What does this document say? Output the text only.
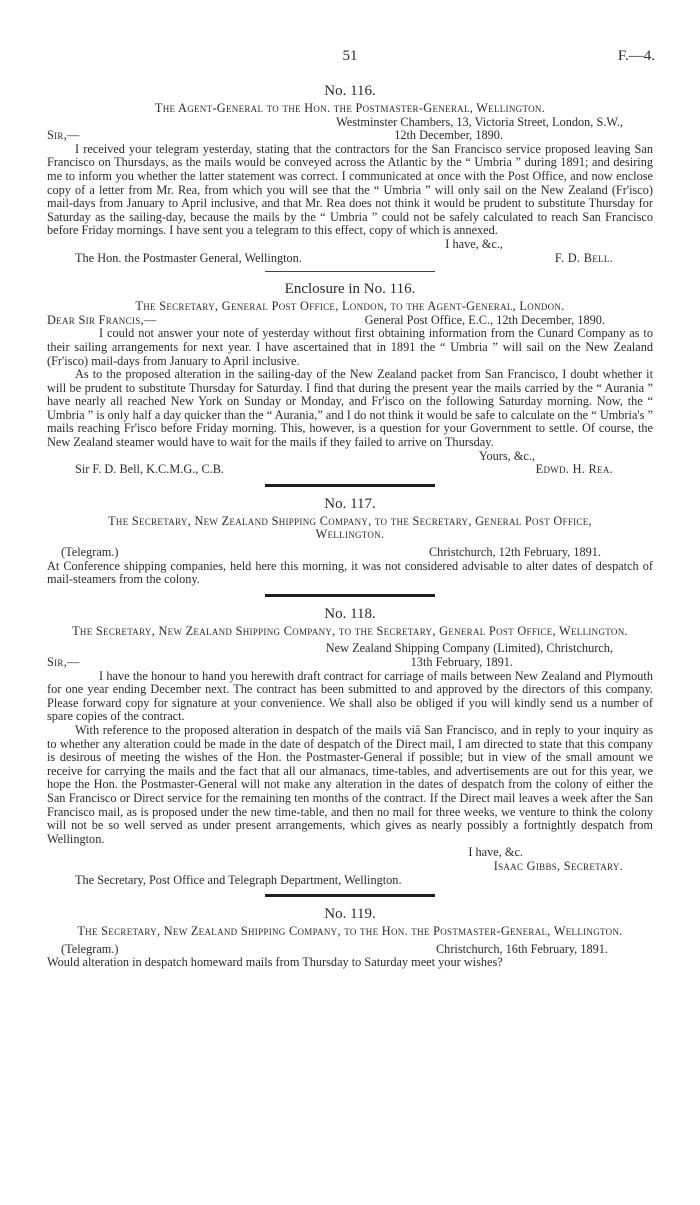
51	F.—4.
No. 116.

The Agent-General to the Hon. the Postmaster-General, Wellington.

Westminster Chambers, 13, Victoria Street, London, S.W.,

Sir,—	12th December, 1890.

I received your telegram yesterday, stating that the contractors for the San Francisco service proposed leaving San Francisco on Thursdays, as the mails would be conveyed across the Atlantic by the “ Umbria ” during 1891; and desiring me to inform you whether the latter statement was correct. I communicated at once with the Post Office, and now enclose copy of a letter from Mr. Rea, from which you will see that the “ Umbria ” will only sail on the New Zealand (Fr'isco) mail-days from January to April inclusive, and that Mr. Rea does not think it would be prudent to substitute Thursday for Saturday as the sailing-day, because the mails by the “ Umbria ” could not be safely calculated to reach San Francisco before Friday mornings. I have sent you a telegram to this effect, copy of which is annexed.

I have, &c.,

The Hon. the Postmaster General, Wellington.	F. D. Bell.
Enclosure in No. 116.

The Secretary, General Post Office, London, to the Agent-General, London.

Dear Sir Francis,—	General Post Office, E.C., 12th December, 1890.

I could not answer your note of yesterday without first obtaining information from the Cunard Company as to their sailing arrangements for next year. I have ascertained that in 1891 the “ Umbria ” will sail on the New Zealand (Fr'isco) mail-days from January to April inclusive.

As to the proposed alteration in the sailing-day of the New Zealand packet from San Francisco, I doubt whether it will be prudent to substitute Thursday for Saturday. I find that during the present year the mails carried by the “ Aurania ” have nearly all reached New York on Sunday or Monday, and Fr'isco on the following Saturday morning. Now, the “ Umbria ” is only half a day quicker than the “ Aurania,” and I do not think it would be safe to calculate on the “ Umbria's ” mails reaching Fr'isco before Friday morning. This, however, is a question for your Government to settle. Of course, the New Zealand steamer would have to wait for the mails if they failed to arrive on Thursday.

Yours, &c.,

Sir F. D. Bell, K.C.M.G., C.B.	Edwd. H. Rea.
No. 117.

The Secretary, New Zealand Shipping Company, to the Secretary, General Post Office, Wellington.

(Telegram.)	Christchurch, 12th February, 1891.

At Conference shipping companies, held here this morning, it was not considered advisable to alter dates of despatch of mail-steamers from the colony.

No. 118.

The Secretary, New Zealand Shipping Company, to the Secretary, General Post Office, Wellington.

New Zealand Shipping Company (Limited), Christchurch,

Sir,—	13th February, 1891.

I have the honour to hand you herewith draft contract for carriage of mails between New Zealand and Plymouth for one year ending December next. The contract has been submitted to and approved by the directors of this company. Please forward copy for signature at your convenience. We shall also be obliged if you will kindly send us a number of spare copies of the contract.

With reference to the proposed alteration in despatch of the mails viâ San Francisco, and in reply to your inquiry as to whether any alteration could be made in the date of despatch of the Direct mail, I am directed to state that this company is desirous of meeting the wishes of the Hon. the Postmaster-General if possible; but in view of the small amount we receive for carrying the mails and the fact that all our almanacs, time-tables, and advertisements are out for this year, we hope the Hon. the Postmaster-General will not make any alteration in the dates of despatch from the colony of either the San Francisco or Direct service for the remaining ten months of the contract. If the Direct mail leaves a week after the San Francisco mail, as is proposed under the new time-table, and then no mail for three weeks, we venture to think the colony will not be so well served as under present arrangements, which gives as nearly possibly a fortnightly despatch from Wellington.

I have, &c.

Isaac Gibbs, Secretary.

The Secretary, Post Office and Telegraph Department, Wellington.

No. 119.

The Secretary, New Zealand Shipping Company, to the Hon. the Postmaster-General, Wellington.

(Telegram.)	Christchurch, 16th February, 1891.

Would alteration in despatch homeward mails from Thursday to Saturday meet your wishes?
